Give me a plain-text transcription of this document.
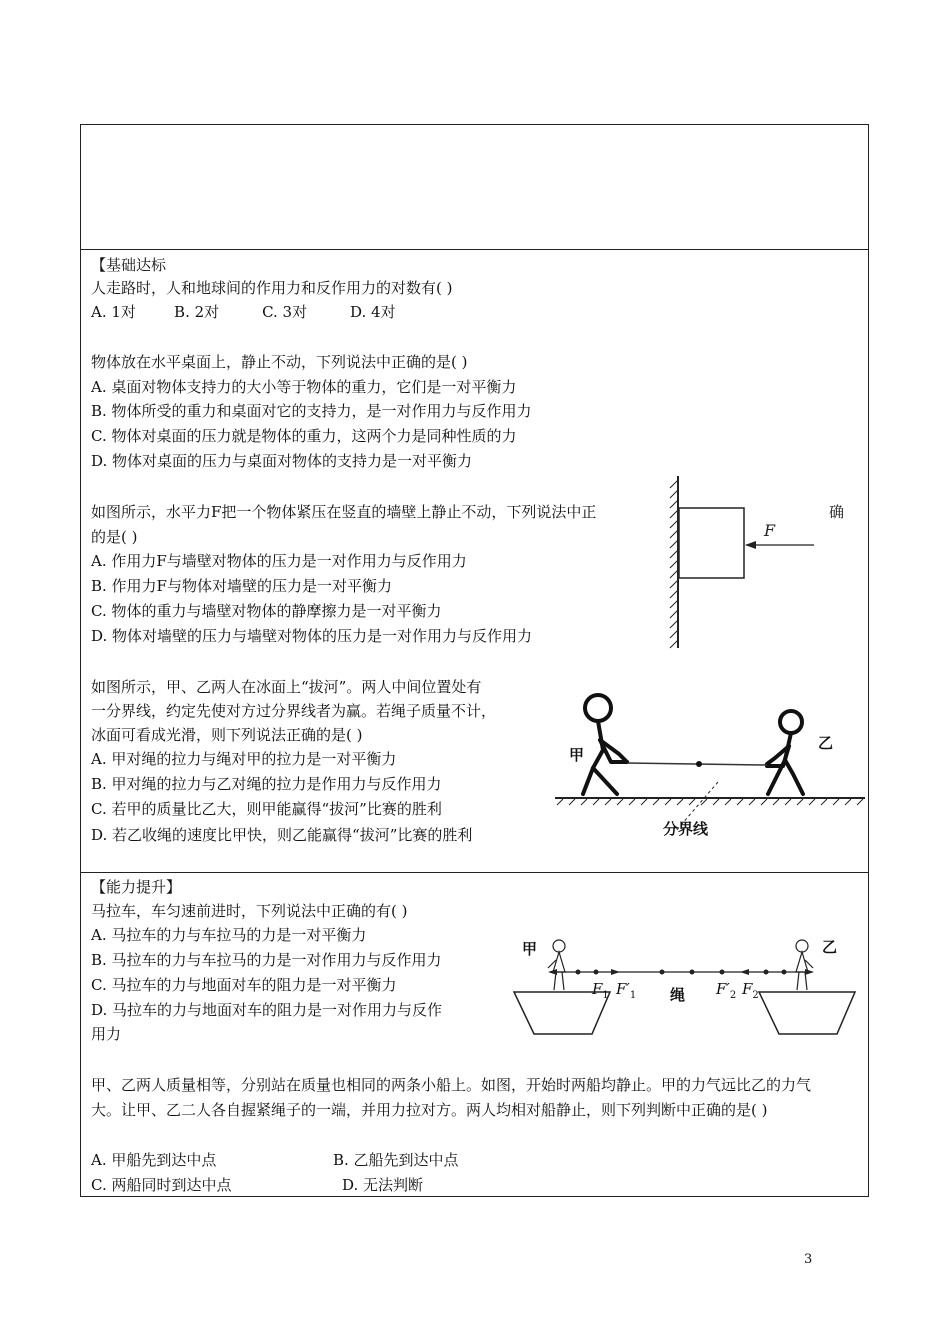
【基础达标
人走路时，人和地球间的作用力和反作用力的对数有( )
A. 1对        B. 2对         C. 3对         D. 4对
物体放在水平桌面上，静止不动，下列说法中正确的是( )
A. 桌面对物体支持力的大小等于物体的重力，它们是一对平衡力
B. 物体所受的重力和桌面对它的支持力，是一对作用力与反作用力
C. 物体对桌面的压力就是物体的重力，这两个力是同种性质的力
D. 物体对桌面的压力与桌面对物体的支持力是一对平衡力
如图所示，水平力F把一个物体紧压在竖直的墙壁上静止不动，下列说法中正	确
的是( )
A. 作用力F与墙壁对物体的压力是一对作用力与反作用力
B. 作用力F与物体对墙壁的压力是一对平衡力
C. 物体的重力与墙壁对物体的静摩擦力是一对平衡力
D. 物体对墙壁的压力与墙壁对物体的压力是一对作用力与反作用力
F
如图所示，甲、乙两人在冰面上“拔河”。两人中间位置处有
一分界线，约定先使对方过分界线者为赢。若绳子质量不计，
冰面可看成光滑，则下列说法正确的是( )
A. 甲对绳的拉力与绳对甲的拉力是一对平衡力
B. 甲对绳的拉力与乙对绳的拉力是作用力与反作用力
C. 若甲的质量比乙大，则甲能赢得“拔河”比赛的胜利
D. 若乙收绳的速度比甲快，则乙能赢得“拔河”比赛的胜利
甲
乙
分界线
【能力提升】
马拉车，车匀速前进时，下列说法中正确的有( )
A. 马拉车的力与车拉马的力是一对平衡力
B. 马拉车的力与车拉马的力是一对作用力与反作用力
C. 马拉车的力与地面对车的阻力是一对平衡力
D. 马拉车的力与地面对车的阻力是一对作用力与反作
用力
甲	乙
$F_1$ $F'_1$	$F'_2$ $F_2$
绳
甲、乙两人质量相等，分别站在质量也相同的两条小船上。如图，开始时两船均静止。甲的力气远比乙的力气
大。让甲、乙二人各自握紧绳子的一端，并用力拉对方。两人均相对船静止，则下列判断中正确的是( )
A. 甲船先到达中点	B. 乙船先到达中点
C. 两船同时到达中点	D. 无法判断
3
